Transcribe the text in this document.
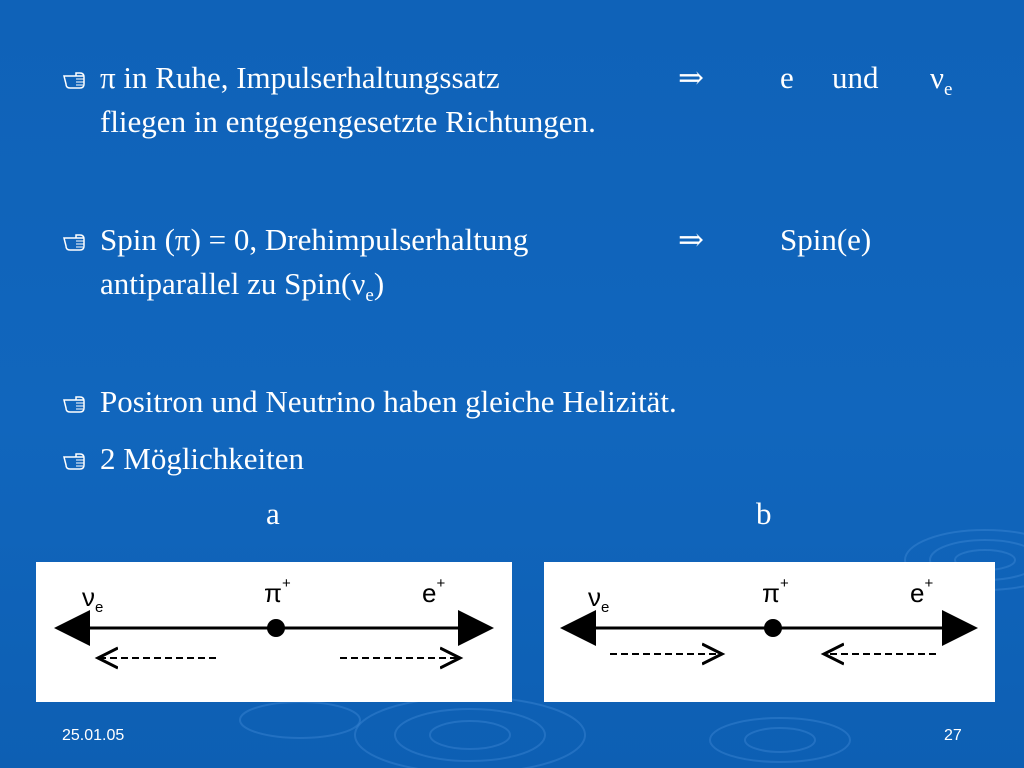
π in Ruhe, Impulserhaltungssatz	⇒ e und $\nu_e$
fliegen in entgegengesetzte Richtungen.
Spin (π) = 0, Drehimpulserhaltung	⇒ Spin(e)
antiparallel zu $Spin(\nu_e)$
Positron und Neutrino haben gleiche Helizität.
2 Möglichkeiten
a	b
$\nu_e$	π+	e+	$\nu_e$	π+	e+
25.01.05	27
